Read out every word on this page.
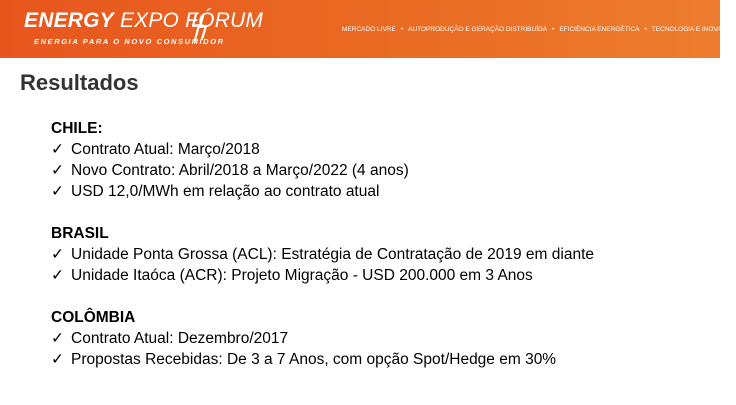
ENERGY EXPO FÓRUM
ENERGIA PARA O NOVO CONSUMIDOR
MERCADO LIVRE • AUTOPRODUÇÃO E GERAÇÃO DISTRIBUÍDA • EFICIÊNCIA ENERGÉTICA • TECNOLOGIA E INOVAÇÃO
Resultados
CHILE:
✓ Contrato Atual: Março/2018
✓ Novo Contrato: Abril/2018 a Março/2022 (4 anos)
✓ USD 12,0/MWh em relação ao contrato atual
BRASIL
✓ Unidade Ponta Grossa (ACL): Estratégia de Contratação de 2019 em diante
✓ Unidade Itaóca (ACR): Projeto Migração - USD 200.000 em 3 Anos
COLÔMBIA
✓ Contrato Atual: Dezembro/2017
✓ Propostas Recebidas: De 3 a 7 Anos, com opção Spot/Hedge em 30%
